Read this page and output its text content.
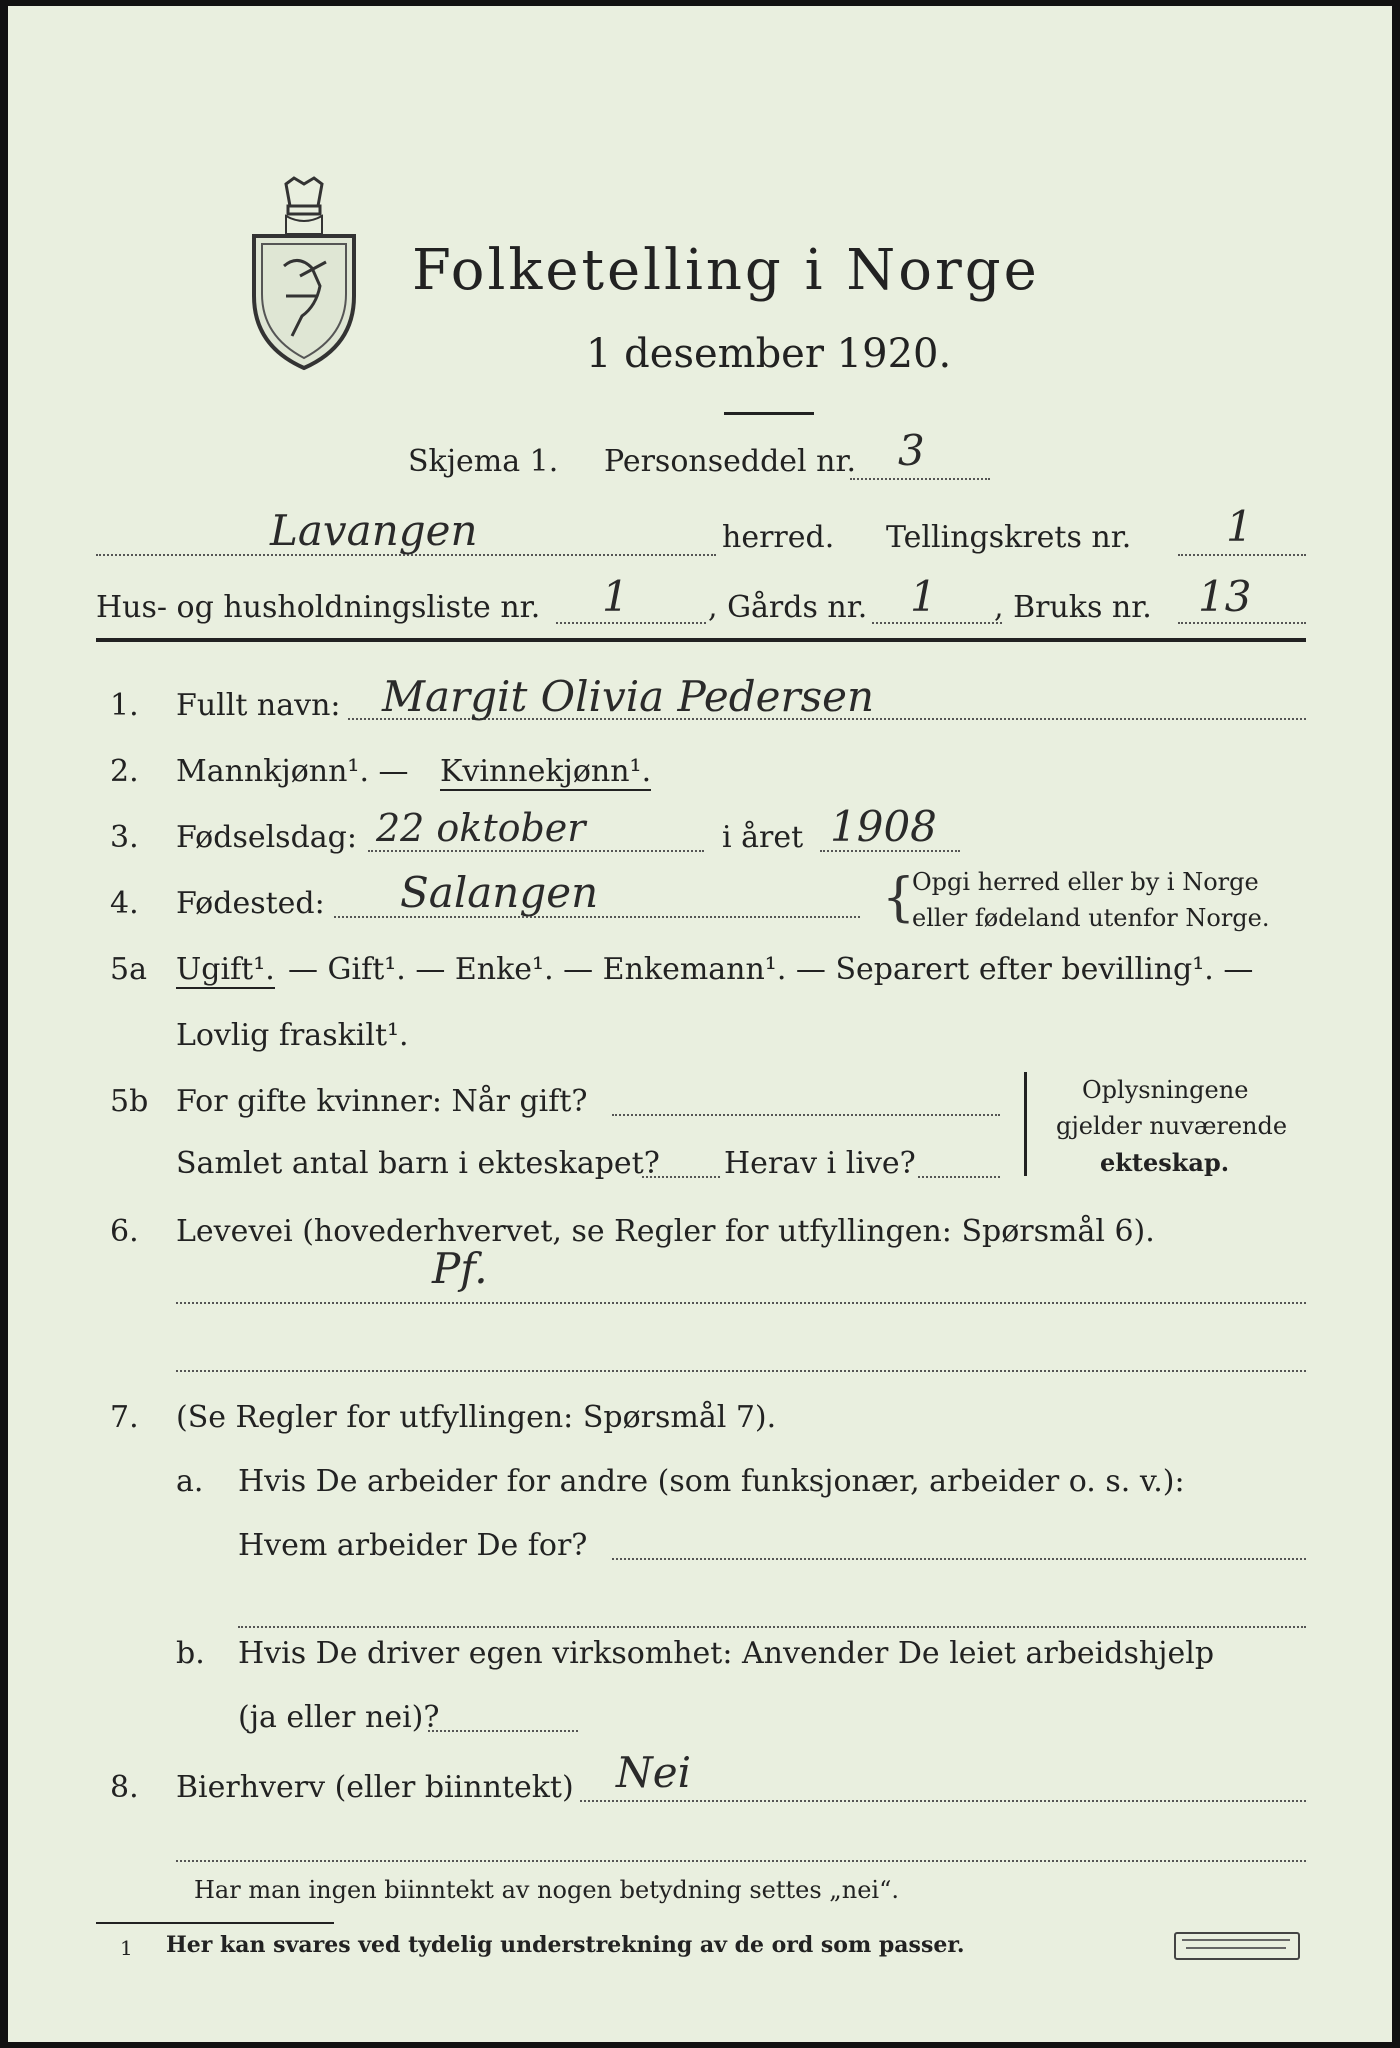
Folketelling i Norge
1 desember 1920.
Skjema 1. Personseddel nr. 3
Lavangen	herred. Tellingskrets nr. 1
Hus- og husholdningsliste nr. 1	, Gårds nr. 1 , Bruks nr. 13
1. Fullt navn: Margit Olivia Pedersen
2. Mannkjønn¹. — Kvinnekjønn¹.
3. Fødselsdag: 22 oktober	i året 1908
4. Fødested: Salangen	{
Opgi herred eller by i Norge
eller fødeland utenfor Norge.
5a Ugift¹. — Gift¹. — Enke¹. — Enkemann¹. — Separert efter bevilling¹. —
Lovlig fraskilt¹.
5b For gifte kvinner: Når gift?
Samlet antal barn i ekteskapet? Herav i live?
Oplysningene
gjelder nuværende
ekteskap.
6. Levevei (hovederhvervet, se Regler for utfyllingen: Spørsmål 6).
Pf.
7. (Se Regler for utfyllingen: Spørsmål 7).
a. Hvis De arbeider for andre (som funksjonær, arbeider o. s. v.):
Hvem arbeider De for?
b. Hvis De driver egen virksomhet: Anvender De leiet arbeidshjelp
(ja eller nei)?
8. Bierhverv (eller biinntekt) Nei
Har man ingen biinntekt av nogen betydning settes „nei“.
1 Her kan svares ved tydelig understrekning av de ord som passer.
